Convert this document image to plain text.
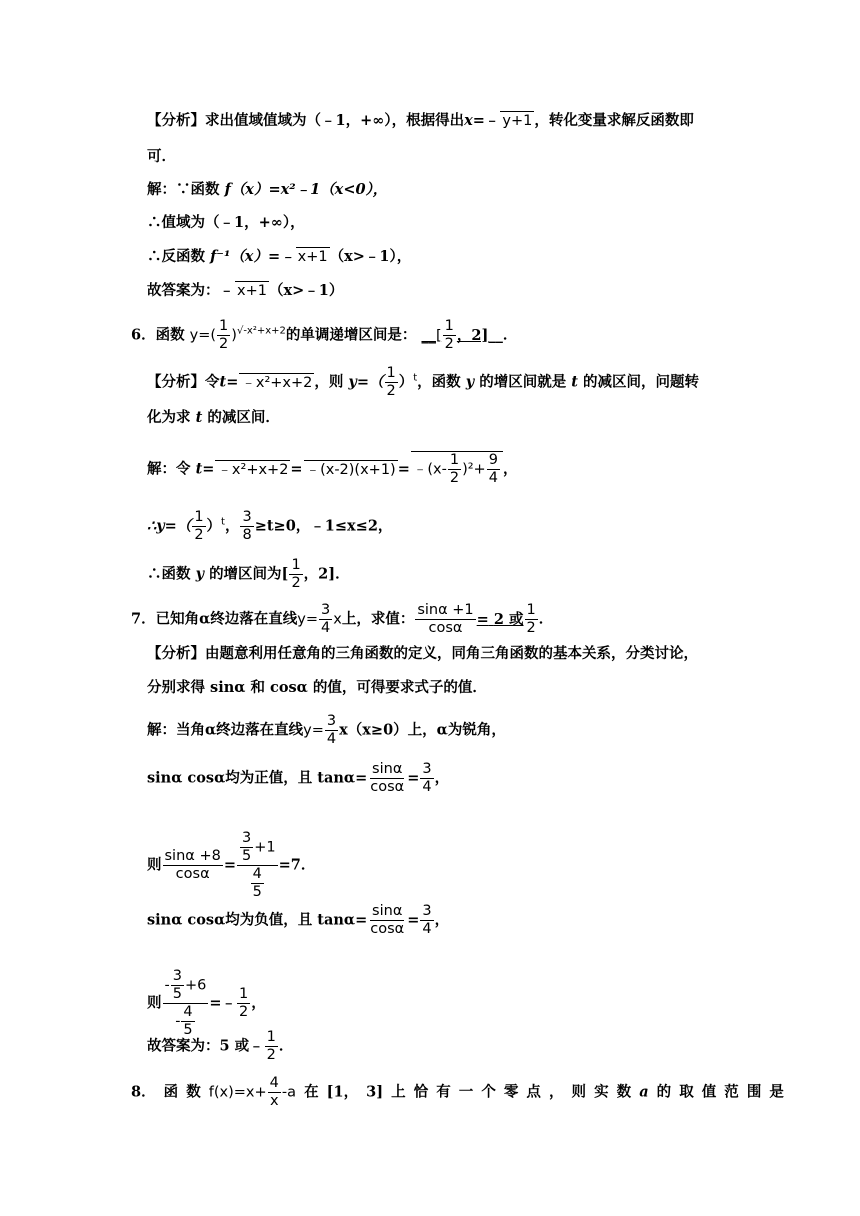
【分析】求出值域值域为（﹣1，+∞），根据得出x=﹣ y+1 ，转化变量求解反函数即
可．
解：∵函数 f（x）=x²﹣1（x<0），
∴值域为（﹣1，+∞），
∴反函数 f⁻¹（x）=﹣ x+1 （x>﹣1），
故答案为：﹣ x+1 （x>﹣1）
6．函数 $y=( \frac{1}{2} )^{√-x^2+x+2}$的单调递增区间是： __[ $\frac{1}{2}$ ，2]__．
【分析】令t= ﹣x²+x+2 ，则 $y=( \frac{1}{2} )^t$，函数 y 的增区间就是 t 的减区间，问题转
化为求 t 的减区间．
解：令 t= ﹣x²+x+2 = ﹣(x-2)(x+1) = ﹣(x- $\frac{1}{2} )^2+ \frac{9}{4}$ ，
∴y=（ $\frac{1}{2} )^t$， $\frac{3}{8} \ge t\ge 0$，﹣1≤x≤2，
∴函数 y 的增区间为[ $\frac{1}{2}$ ，2]．
7．已知角α终边落在直线$y= \frac{3}{4}$ x上，求值： $\frac{\sin\alpha +1}{\cos\alpha} = 2$ 或 $\frac{1}{2}$ ．
【分析】由题意利用任意角的三角函数的定义，同角三角函数的基本关系，分类讨论，
分别求得 sinα 和 cosα 的值，可得要求式子的值．
解：当角α终边落在直线$y= \frac{3}{4} x(x\ge 0)$上，α为锐角，
sinα cosα均为正值，且 $\tan\alpha= \frac{\sin\alpha}{\cos\alpha} = \frac{3}{4}$ ，
则 $\frac{\sin\alpha +8}{\cos\alpha} = \frac{\frac{3}{5} +1}{\frac{4}{5}} =7$．
sinα cosα均为负值，且 $\tan\alpha= \frac{\sin\alpha}{\cos\alpha} = \frac{3}{4}$ ，
则 $\frac{- \frac{3}{5} +6}{- \frac{4}{5}}$ =﹣ $\frac{1}{2}$ ，
故答案为：5 或﹣ $\frac{1}{2}$ ．
8． 函 数 $f(x)=x+ \frac{4}{x} -a$ 在 [1， 3] 上 恰 有 一 个 零 点 ， 则 实 数 a 的 取 值 范 围 是
